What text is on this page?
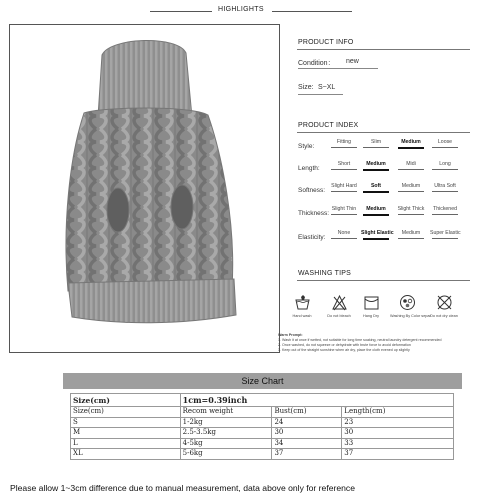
HIGHLIGHTS
PRODUCT INFO
Condition： new
Size: S~XL
PRODUCT INDEX
Style:
Fitting	Slim	Medium	Loose
Length:
Short	Medium	Midi	Long
Softness:
Slight Hard	Soft	Medium	Ultra Soft
Thickness:
Slight Thin	Medium	Slight Thick	Thickened
Elasticity:
None	Slight Elastic	Medium	Super Elastic
WASHING TIPS
Hand wash	Do not bleach	Hang Dry	Washing By Color separ Do not dry clean
Warm Prompt:
1. Wash it at once if wetted, not suitable for long time soaking, neutral laundry detergent recommended
2. Once washed, do not squeeze or dehydrate with brute force to avoid deformation
3. Keep out of the straight sunshine when air dry, place the cloth evened up slightly
Size Chart
Size(cm)	1cm=0.39inch		
Size(cm)	Recom weight	Bust(cm)	Length(cm)
S	1-2kg	24	23
M	2.5-3.5kg	30	30
L	4-5kg	34	33
XL	5-6kg	37	37
Please allow 1~3cm difference due to manual measurement, data above only for reference
